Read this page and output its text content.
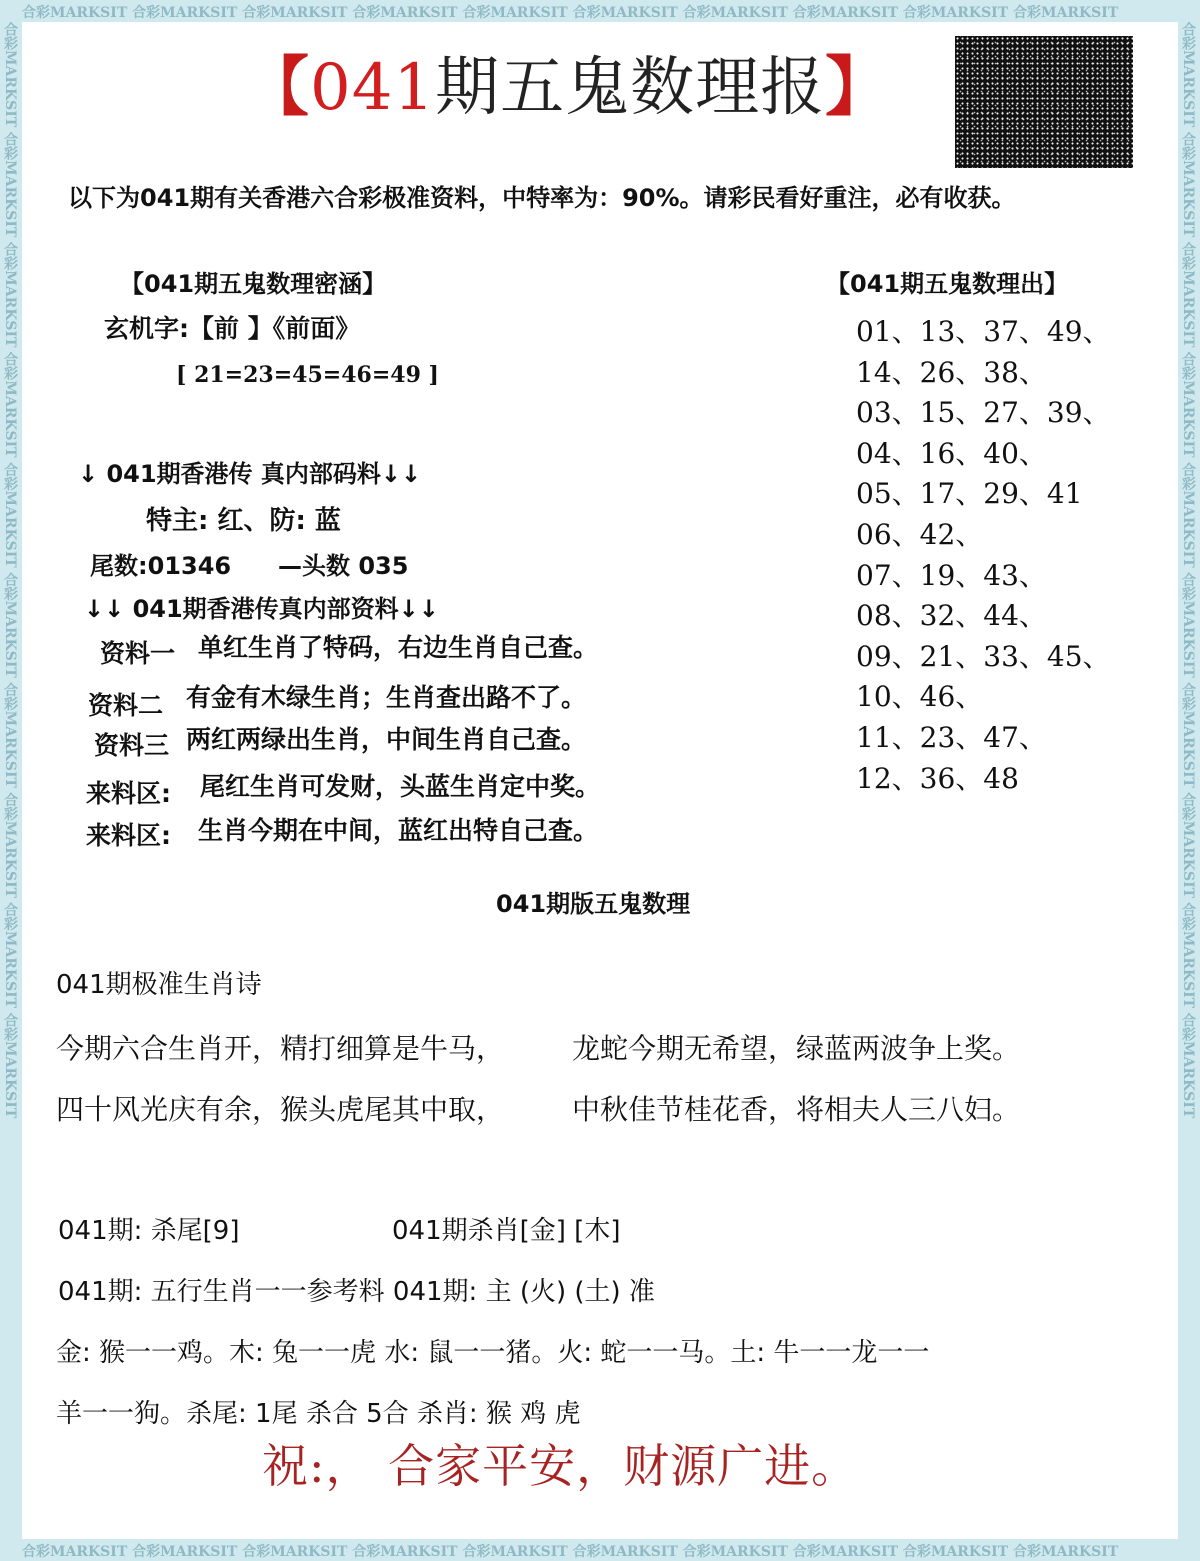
合彩MARKSIT 合彩MARKSIT 合彩MARKSIT 合彩MARKSIT 合彩MARKSIT 合彩MARKSIT 合彩MARKSIT 合彩MARKSIT 合彩MARKSIT 合彩MARKSIT
合彩MARKSIT 合彩MARKSIT 合彩MARKSIT 合彩MARKSIT 合彩MARKSIT 合彩MARKSIT 合彩MARKSIT 合彩MARKSIT 合彩MARKSIT 合彩MARKSIT
合彩MARKSIT 合彩MARKSIT 合彩MARKSIT 合彩MARKSIT 合彩MARKSIT 合彩MARKSIT 合彩MARKSIT 合彩MARKSIT 合彩MARKSIT 合彩MARKSIT	合彩MARKSIT 合彩MARKSIT 合彩MARKSIT 合彩MARKSIT 合彩MARKSIT 合彩MARKSIT 合彩MARKSIT 合彩MARKSIT 合彩MARKSIT 合彩MARKSIT
【041期五鬼数理报】
以下为041期有关香港六合彩极准资料，中特率为：90%。请彩民看好重注，必有收获。
【041期五鬼数理密涵】
玄机字:【前 】《前面》
[ 21=23=45=46=49 ]
↓ 041期香港传 真内部码料↓↓
特主: 红、防: 蓝
尾数:01346 —头数 035
↓↓ 041期香港传真内部资料↓↓
资料一 单红生肖了特码，右边生肖自己查。
资料二 有金有木绿生肖；生肖查出路不了。
资料三 两红两绿出生肖，中间生肖自己查。
来料区: 尾红生肖可发财，头蓝生肖定中奖。
来料区: 生肖今期在中间，蓝红出特自己查。
【041期五鬼数理出】
01、13、37、49、
14、26、38、
03、15、27、39、
04、16、40、
05、17、29、41
06、42、
07、19、43、
08、32、44、
09、21、33、45、
10、46、
11、23、47、
12、36、48
041期版五鬼数理
041期极准生肖诗
今期六合生肖开，精打细算是牛马， 龙蛇今期无希望，绿蓝两波争上奖。
四十风光庆有余，猴头虎尾其中取， 中秋佳节桂花香，将相夫人三八妇。
041期: 杀尾[9]	041期杀肖[金] [木]
041期: 五行生肖一一参考料 041期: 主 (火) (土) 准
金: 猴一一鸡。木: 兔一一虎 水: 鼠一一猪。火: 蛇一一马。土: 牛一一龙一一
羊一一狗。杀尾: 1尾 杀合 5合 杀肖: 猴 鸡 虎
祝:， 合家平安，财源广进。
